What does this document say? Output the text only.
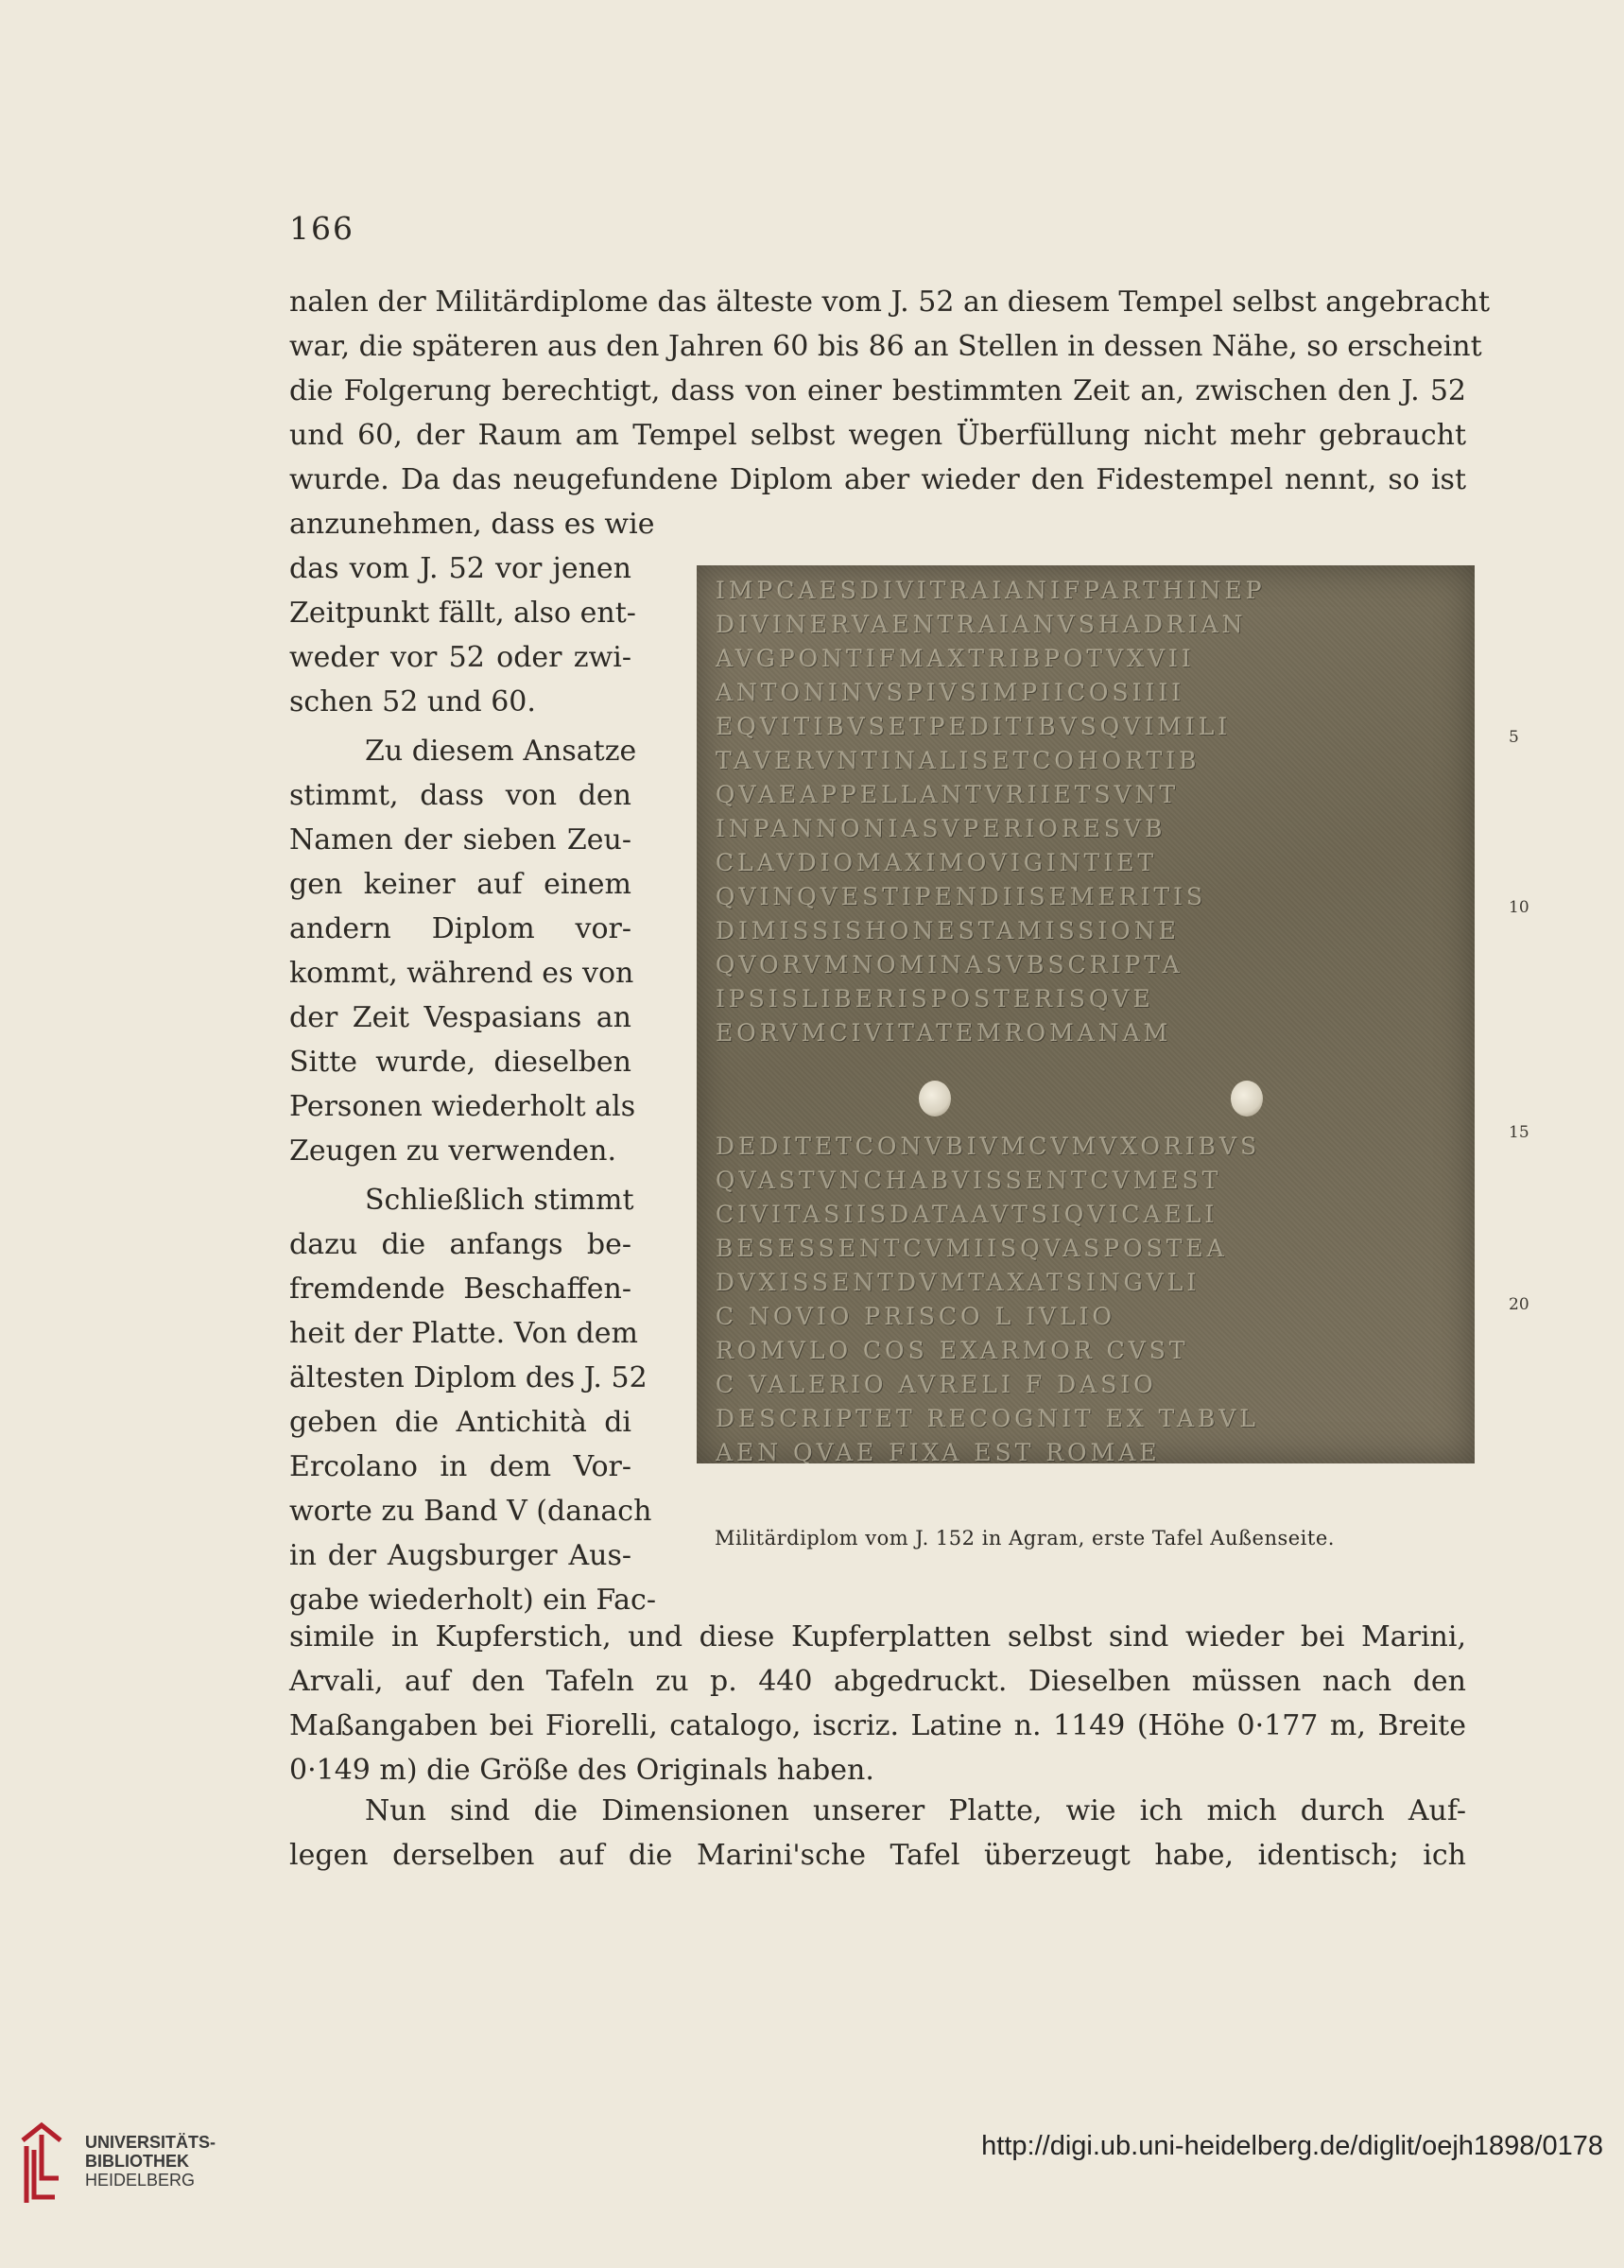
166
nalen der Militärdiplome das älteste vom J. 52 an diesem Tempel selbst angebracht
war, die späteren aus den Jahren 60 bis 86 an Stellen in dessen Nähe, so erscheint
die Folgerung berechtigt, dass von einer bestimmten Zeit an, zwischen den J. 52
und 60, der Raum am Tempel selbst wegen Überfüllung nicht mehr gebraucht
wurde. Da das neugefundene Diplom aber wieder den Fidestempel nennt, so ist
anzunehmen, dass es wie
das vom J. 52 vor jenen
Zeitpunkt fällt, also ent-
weder vor 52 oder zwi-
schen 52 und 60.
Zu diesem Ansatze
stimmt, dass von den
Namen der sieben Zeu-
gen keiner auf einem
andern Diplom vor-
kommt, während es von
der Zeit Vespasians an
Sitte wurde, dieselben
Personen wiederholt als
Zeugen zu verwenden.
Schließlich stimmt
dazu die anfangs be-
fremdende Beschaffen-
heit der Platte. Von dem
ältesten Diplom des J. 52
geben die Antichità di
Ercolano in dem Vor-
worte zu Band V (danach
in der Augsburger Aus-
gabe wiederholt) ein Fac-
simile in Kupferstich, und diese Kupferplatten selbst sind wieder bei Marini,
Arvali, auf den Tafeln zu p. 440 abgedruckt. Dieselben müssen nach den
Maßangaben bei Fiorelli, catalogo, iscriz. Latine n. 1149 (Höhe 0·177 m, Breite
0·149 m) die Größe des Originals haben.
Nun sind die Dimensionen unserer Platte, wie ich mich durch Auf-
legen derselben auf die Marini'sche Tafel überzeugt habe, identisch; ich
IMPCAESDIVITRAIANIFPARTHINEP
DIVINERVAENTRAIANVSHADRIAN
AVGPONTIFMAXTRIBPOTVXVII
ANTONINVSPIVSIMPIICOSIIII
EQVITIBVSETPEDITIBVSQVIMILI
TAVERVNTINALISETCOHORTIB
QVAEAPPELLANTVRIIETSVNT
INPANNONIASVPERIORESVB
CLAVDIOMAXIMOVIGINTIET
QVINQVESTIPENDIISEMERITIS
DIMISSISHONESTAMISSIONE
QVORVMNOMINASVBSCRIPTA
IPSISLIBERISPOSTERISQVE
EORVMCIVITATEMROMANAM
DEDITETCONVBIVMCVMVXORIBVS
QVASTVNCHABVISSENTCVMEST
CIVITASIISDATAAVTSIQVICAELI
BESESSENTCVMIISQVASPOSTEA
DVXISSENTDVMTAXATSINGVLI
C NOVIO PRISCO L IVLIO
ROMVLO COS EXARMOR CVST
C VALERIO AVRELI F DASIO
DESCRIPTET RECOGNIT EX TABVL
AEN QVAE FIXA EST ROMAE
5
10
15
20
Militärdiplom vom J. 152 in Agram, erste Tafel Außenseite.
UNIVERSITÄTS-
BIBLIOTHEK
HEIDELBERG
http://digi.ub.uni-heidelberg.de/diglit/oejh1898/0178
